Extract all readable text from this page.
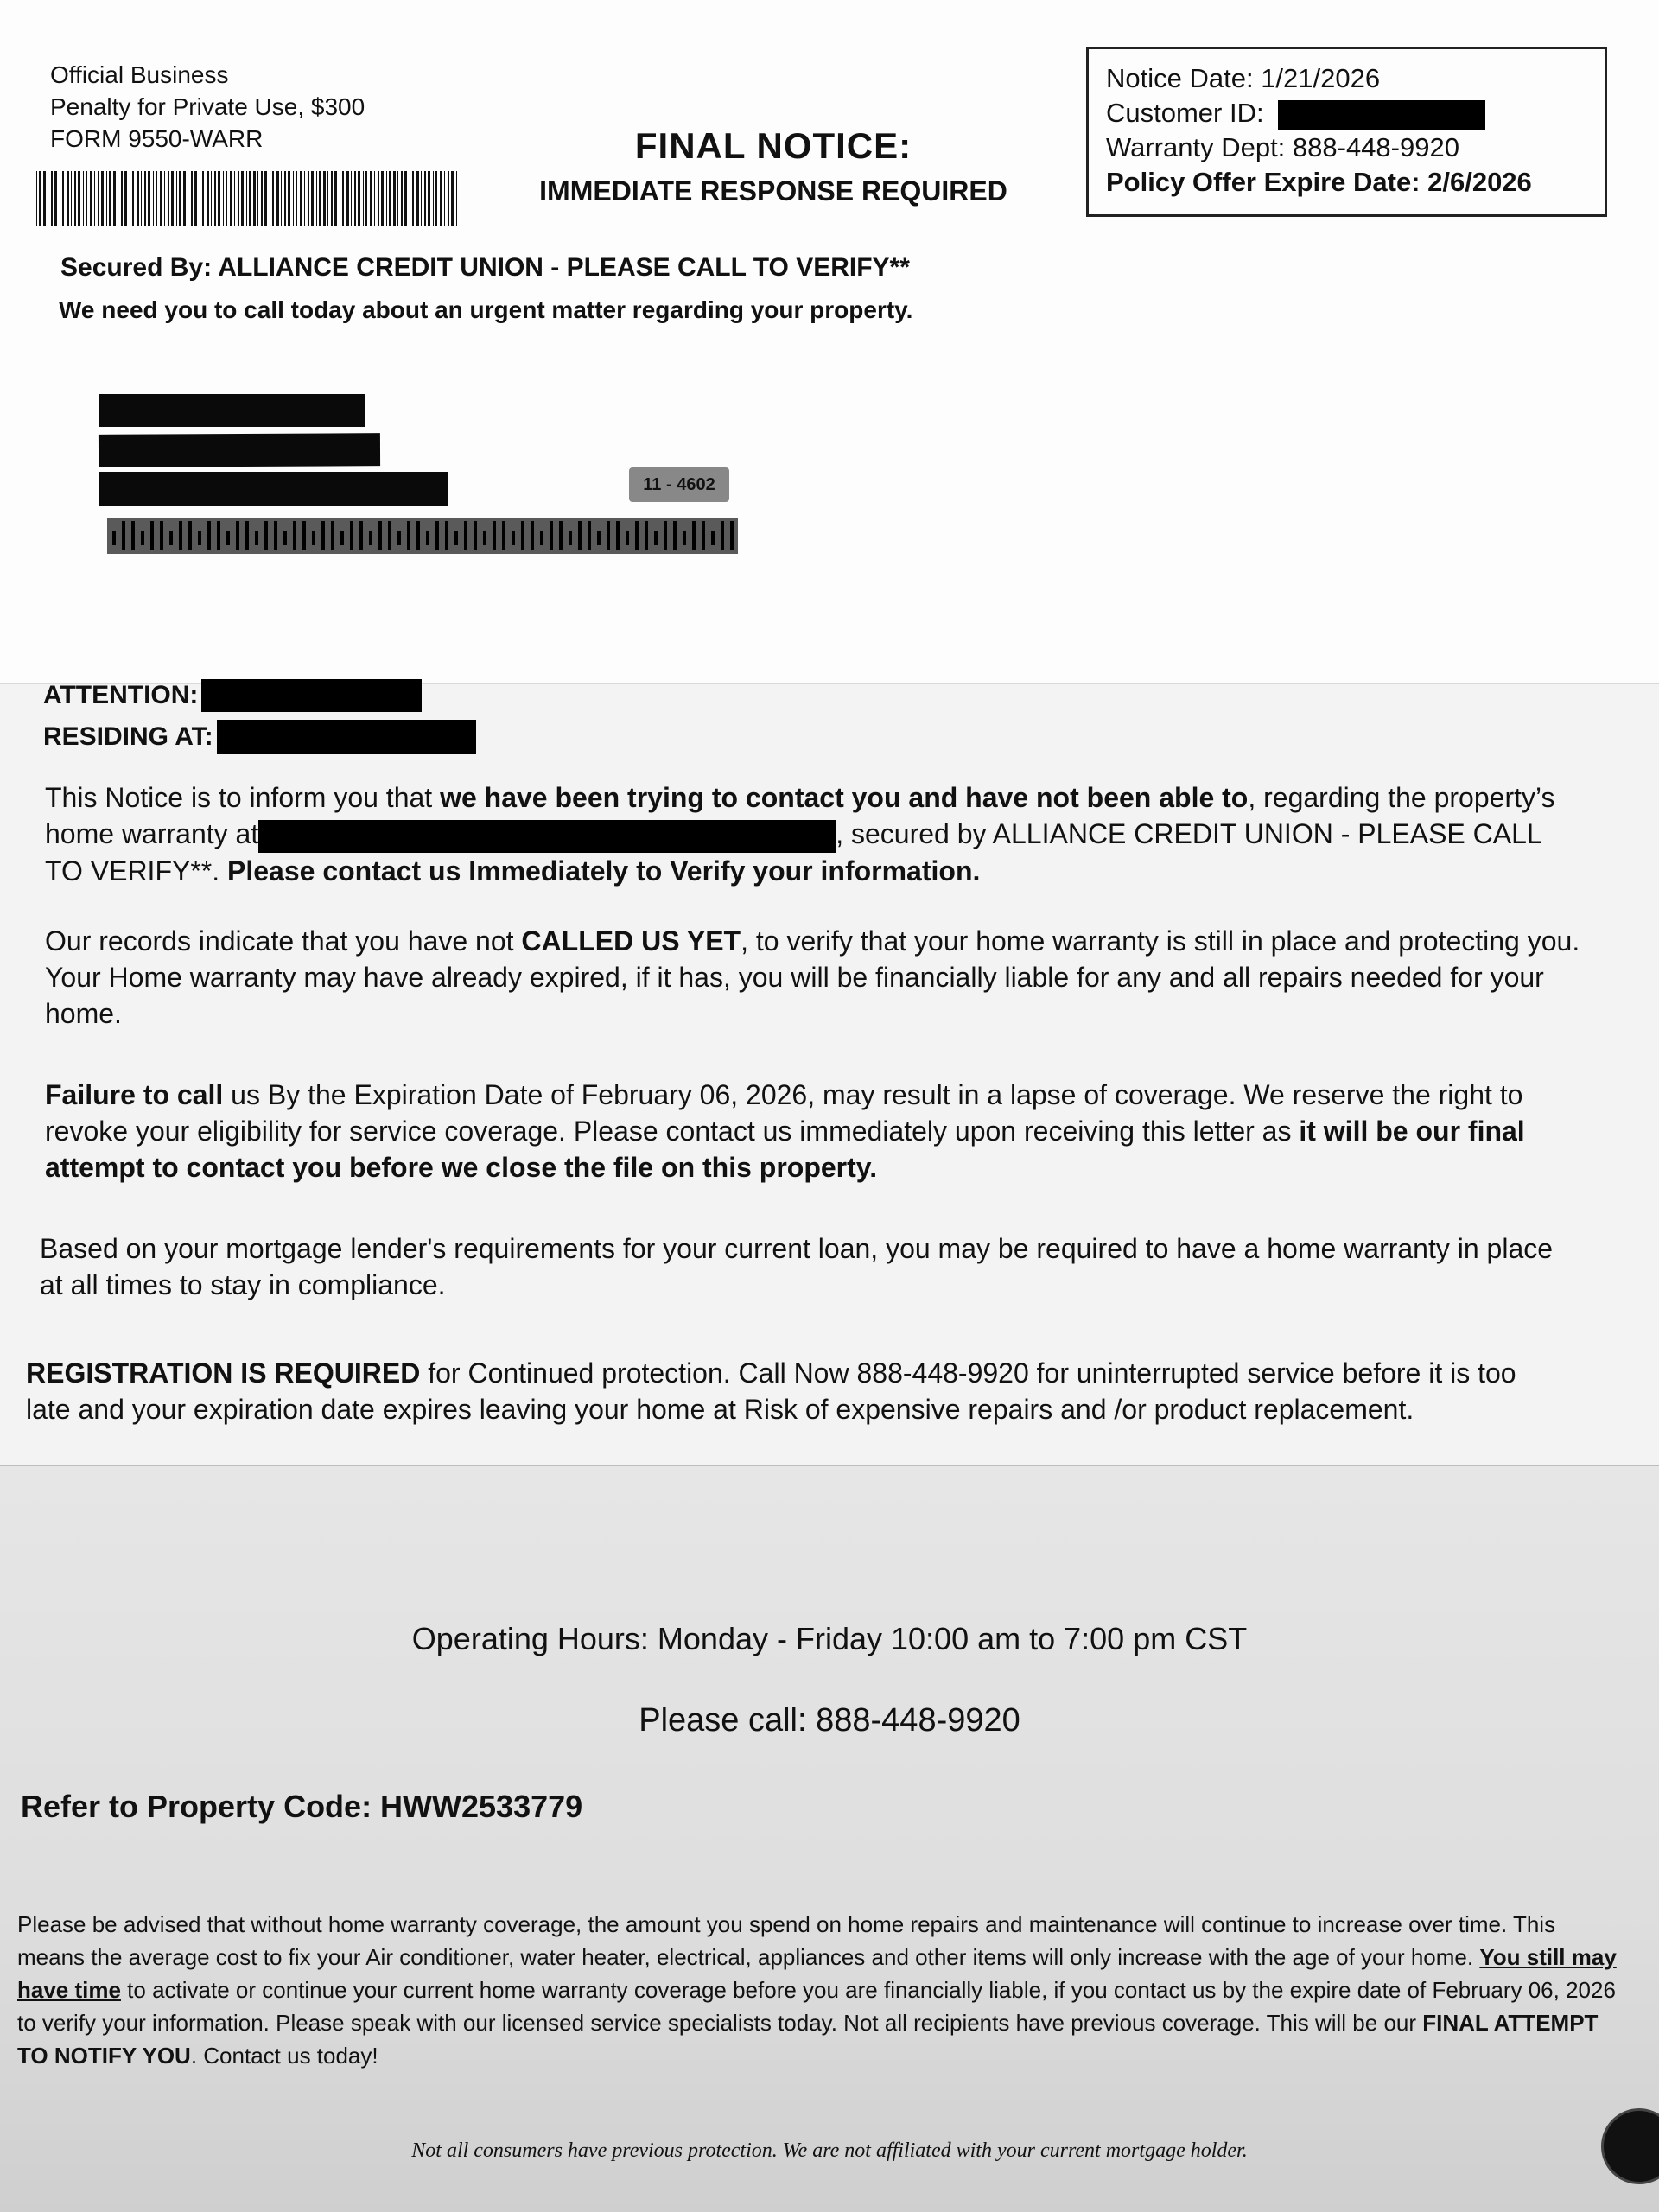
Official Business
Penalty for Private Use, $300
FORM 9550-WARR	FINAL NOTICE:
IMMEDIATE RESPONSE REQUIRED
Notice Date: 1/21/2026
Customer ID:
Warranty Dept: 888-448-9920
Policy Offer Expire Date: 2/6/2026
Secured By: ALLIANCE CREDIT UNION - PLEASE CALL TO VERIFY**
We need you to call today about an urgent matter regarding your property.
11 - 4602
ATTENTION:
RESIDING AT:
This Notice is to inform you that we have been trying to contact you and have not been able to, regarding the property’s home warranty at	, secured by ALLIANCE CREDIT UNION - PLEASE CALL TO VERIFY**. Please contact us Immediately to Verify your information.
Our records indicate that you have not CALLED US YET, to verify that your home warranty is still in place and protecting you. Your Home warranty may have already expired, if it has, you will be financially liable for any and all repairs needed for your home.
Failure to call us By the Expiration Date of February 06, 2026, may result in a lapse of coverage. We reserve the right to revoke your eligibility for service coverage. Please contact us immediately upon receiving this letter as it will be our final attempt to contact you before we close the file on this property.
Based on your mortgage lender's requirements for your current loan, you may be required to have a home warranty in place at all times to stay in compliance.
REGISTRATION IS REQUIRED for Continued protection. Call Now 888-448-9920 for uninterrupted service before it is too late and your expiration date expires leaving your home at Risk of expensive repairs and /or product replacement.
Operating Hours: Monday - Friday 10:00 am to 7:00 pm CST
Please call: 888-448-9920
Refer to Property Code: HWW2533779
Please be advised that without home warranty coverage, the amount you spend on home repairs and maintenance will continue to increase over time. This means the average cost to fix your Air conditioner, water heater, electrical, appliances and other items will only increase with the age of your home. You still may have time to activate or continue your current home warranty coverage before you are financially liable, if you contact us by the expire date of February 06, 2026 to verify your information. Please speak with our licensed service specialists today. Not all recipients have previous coverage. This will be our FINAL ATTEMPT TO NOTIFY YOU. Contact us today!
Not all consumers have previous protection. We are not affiliated with your current mortgage holder.
